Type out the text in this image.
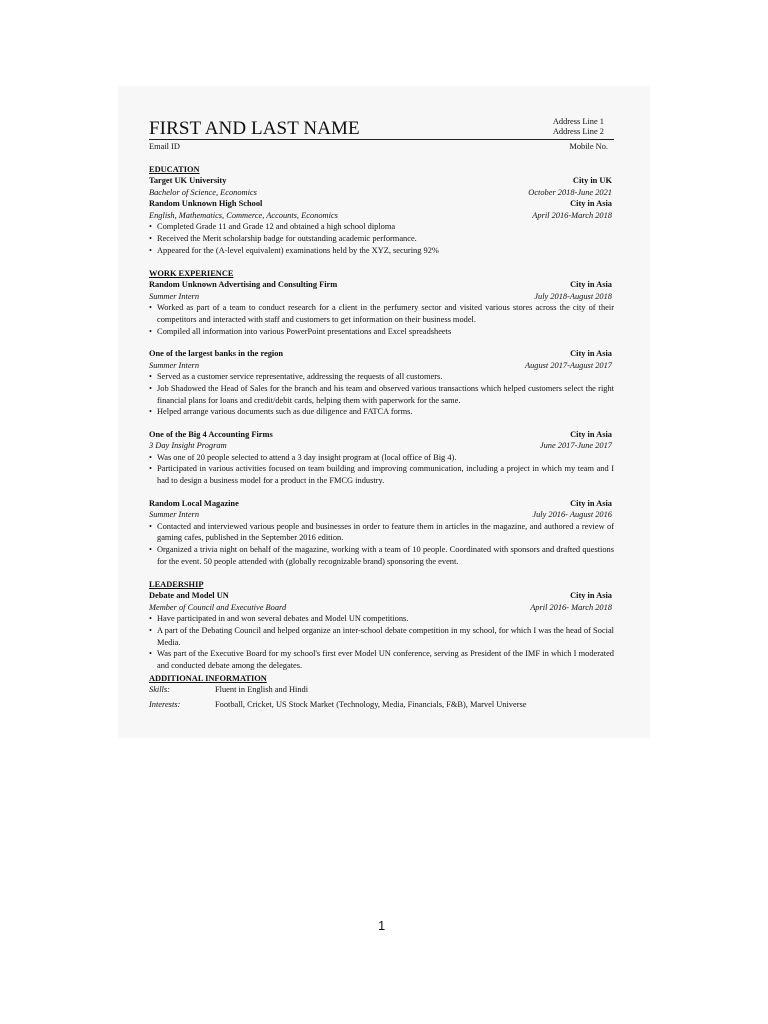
FIRST AND LAST NAME	Address Line 1
Address Line 2
Email ID	Mobile No.
EDUCATION
Target UK University	City in UK
Bachelor of Science, Economics	October 2018-June 2021
Random Unknown High School	City in Asia
English, Mathematics, Commerce, Accounts, Economics	April 2016-March 2018
• Completed Grade 11 and Grade 12 and obtained a high school diploma
• Received the Merit scholarship badge for outstanding academic performance.
• Appeared for the (A-level equivalent) examinations held by the XYZ, securing 92%
WORK EXPERIENCE
Random Unknown Advertising and Consulting Firm	City in Asia
Summer Intern	July 2018-August 2018
• Worked as part of a team to conduct research for a client in the perfumery sector and visited various stores across the city of their competitors and interacted with staff and customers to get information on their business model.
• Compiled all information into various PowerPoint presentations and Excel spreadsheets
One of the largest banks in the region	City in Asia
Summer Intern	August 2017-August 2017
• Served as a customer service representative, addressing the requests of all customers.
• Job Shadowed the Head of Sales for the branch and his team and observed various transactions which helped customers select the right financial plans for loans and credit/debit cards, helping them with paperwork for the same.
• Helped arrange various documents such as due diligence and FATCA forms.
One of the Big 4 Accounting Firms	City in Asia
3 Day Insight Program	June 2017-June 2017
• Was one of 20 people selected to attend a 3 day insight program at (local office of Big 4).
• Participated in various activities focused on team building and improving communication, including a project in which my team and I had to design a business model for a product in the FMCG industry.
Random Local Magazine	City in Asia
Summer Intern	July 2016- August 2016
• Contacted and interviewed various people and businesses in order to feature them in articles in the magazine, and authored a review of gaming cafes, published in the September 2016 edition.
• Organized a trivia night on behalf of the magazine, working with a team of 10 people. Coordinated with sponsors and drafted questions for the event. 50 people attended with (globally recognizable brand) sponsoring the event.
LEADERSHIP
Debate and Model UN	City in Asia
Member of Council and Executive Board	April 2016- March 2018
• Have participated in and won several debates and Model UN competitions.
• A part of the Debating Council and helped organize an inter-school debate competition in my school, for which I was the head of Social Media.
• Was part of the Executive Board for my school's first ever Model UN conference, serving as President of the IMF in which I moderated and conducted debate among the delegates.
ADDITIONAL INFORMATION
Skills:	Fluent in English and Hindi
Interests:	Football, Cricket, US Stock Market (Technology, Media, Financials, F&B), Marvel Universe
1
